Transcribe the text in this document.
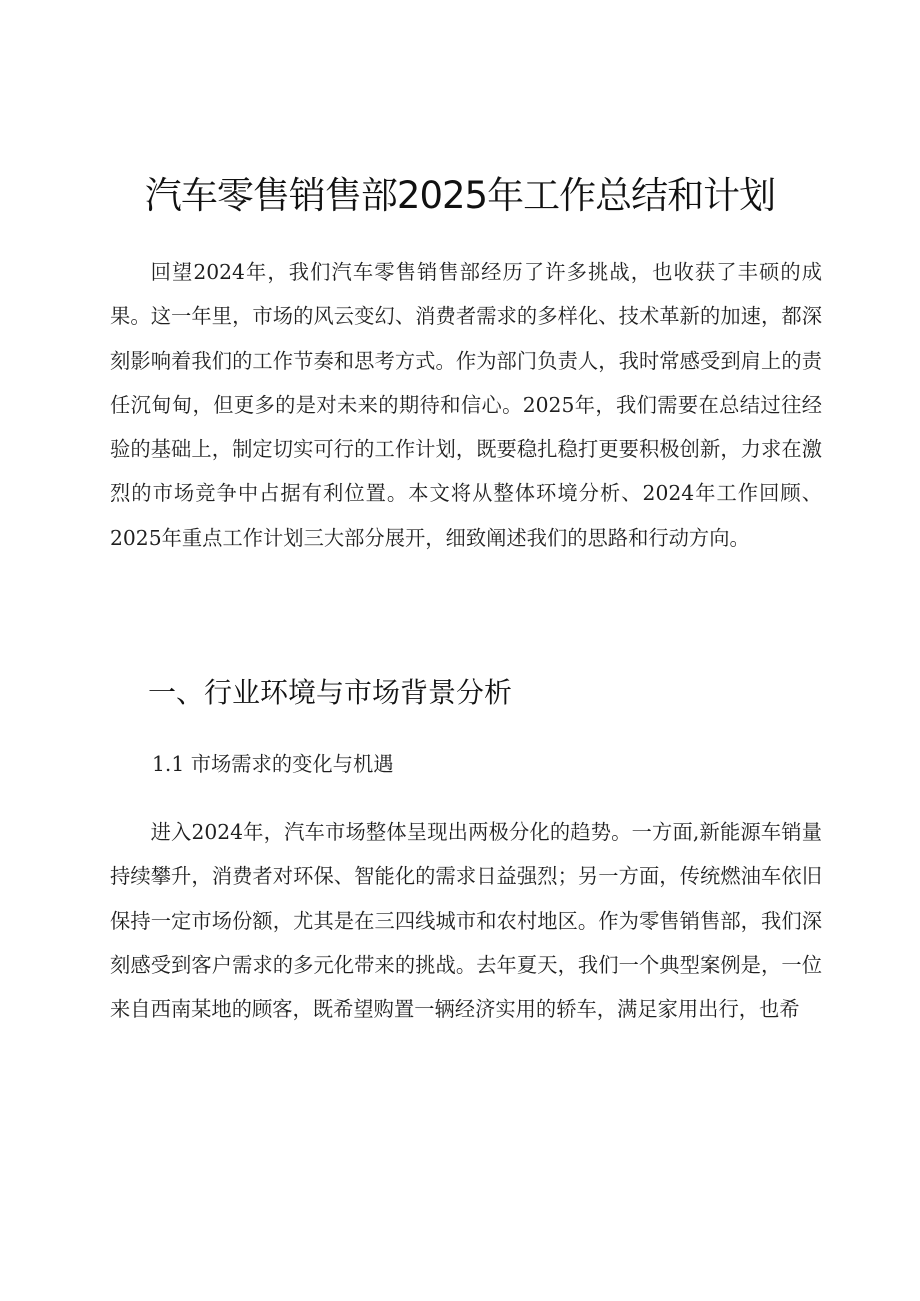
汽车零售销售部2025年工作总结和计划

回望2024年，我们汽车零售销售部经历了许多挑战，也收获了丰硕的成果。这一年里，市场的风云变幻、消费者需求的多样化、技术革新的加速，都深刻影响着我们的工作节奏和思考方式。作为部门负责人，我时常感受到肩上的责任沉甸甸，但更多的是对未来的期待和信心。2025年，我们需要在总结过往经验的基础上，制定切实可行的工作计划，既要稳扎稳打更要积极创新，力求在激烈的市场竞争中占据有利位置。本文将从整体环境分析、2024年工作回顾、2025年重点工作计划三大部分展开，细致阐述我们的思路和行动方向。

一、行业环境与市场背景分析
1.1 市场需求的变化与机遇

进入2024年，汽车市场整体呈现出两极分化的趋势。一方面,新能源车销量持续攀升，消费者对环保、智能化的需求日益强烈；另一方面，传统燃油车依旧保持一定市场份额，尤其是在三四线城市和农村地区。作为零售销售部，我们深刻感受到客户需求的多元化带来的挑战。去年夏天，我们一个典型案例是，一位来自西南某地的顾客，既希望购置一辆经济实用的轿车，满足家用出行，也希
